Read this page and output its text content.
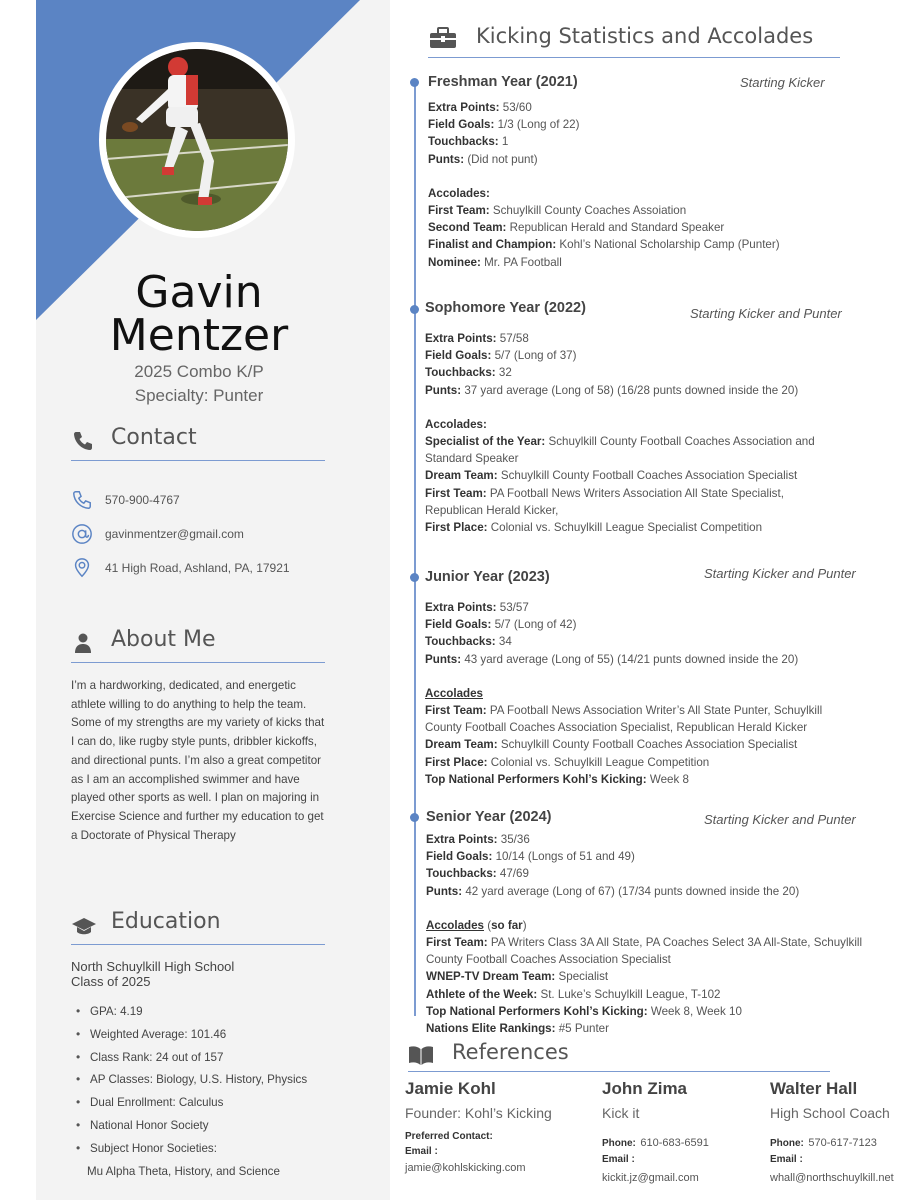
Gavin
Mentzer
2025 Combo K/P
Specialty: Punter
Contact
570-900-4767
gavinmentzer@gmail.com
41 High Road, Ashland, PA, 17921
About Me
I’m a hardworking, dedicated, and energetic athlete willing to do anything to help the team. Some of my strengths are my variety of kicks that I can do, like rugby style punts, dribbler kickoffs, and directional punts. I’m also a great competitor as I am an accomplished swimmer and have played other sports as well. I plan on majoring in Exercise Science and further my education to get a Doctorate of Physical Therapy
Education
North Schuylkill High School
Class of 2025
• GPA: 4.19
• Weighted Average: 101.46
• Class Rank: 24 out of 157
• AP Classes: Biology, U.S. History, Physics
• Dual Enrollment: Calculus
• National Honor Society
• Subject Honor Societies:
Mu Alpha Theta, History, and Science
Kicking Statistics and Accolades
Freshman Year (2021)	Starting Kicker
Extra Points: 53/60
Field Goals: 1/3 (Long of 22)
Touchbacks: 1
Punts: (Did not punt)
Accolades:
First Team: Schuylkill County Coaches Assoiation
Second Team: Republican Herald and Standard Speaker
Finalist and Champion: Kohl’s National Scholarship Camp (Punter)
Nominee: Mr. PA Football
Sophomore Year (2022)	Starting Kicker and Punter
Extra Points: 57/58
Field Goals: 5/7 (Long of 37)
Touchbacks: 32
Punts: 37 yard average (Long of 58) (16/28 punts downed inside the 20)
Accolades:
Specialist of the Year: Schuylkill County Football Coaches Association and
Standard Speaker
Dream Team: Schuylkill County Football Coaches Association Specialist
First Team: PA Football News Writers Association All State Specialist,
Republican Herald Kicker,
First Place: Colonial vs. Schuylkill League Specialist Competition
Junior Year (2023)	Starting Kicker and Punter
Extra Points: 53/57
Field Goals: 5/7 (Long of 42)
Touchbacks: 34
Punts: 43 yard average (Long of 55) (14/21 punts downed inside the 20)
Accolades
First Team: PA Football News Association Writer’s All State Punter, Schuylkill
County Football Coaches Association Specialist, Republican Herald Kicker
Dream Team: Schuylkill County Football Coaches Association Specialist
First Place: Colonial vs. Schuylkill League Competition
Top National Performers Kohl’s Kicking: Week 8
Senior Year (2024)	Starting Kicker and Punter
Extra Points: 35/36
Field Goals: 10/14 (Longs of 51 and 49)
Touchbacks: 47/69
Punts: 42 yard average (Long of 67) (17/34 punts downed inside the 20)
Accolades (so far)
First Team: PA Writers Class 3A All State, PA Coaches Select 3A All-State, Schuylkill
County Football Coaches Association Specialist
WNEP-TV Dream Team: Specialist
Athlete of the Week: St. Luke’s Schuylkill League, T-102
Top National Performers Kohl’s Kicking: Week 8, Week 10
Nations Elite Rankings: #5 Punter
References
Jamie Kohl
Founder: Kohl’s Kicking
Preferred Contact:
Email :
jamie@kohlskicking.com
John Zima
Kick it
Phone: 610-683-6591
Email :
kickit.jz@gmail.com
Walter Hall
High School Coach
Phone: 570-617-7123
Email :
whall@northschuylkill.net
